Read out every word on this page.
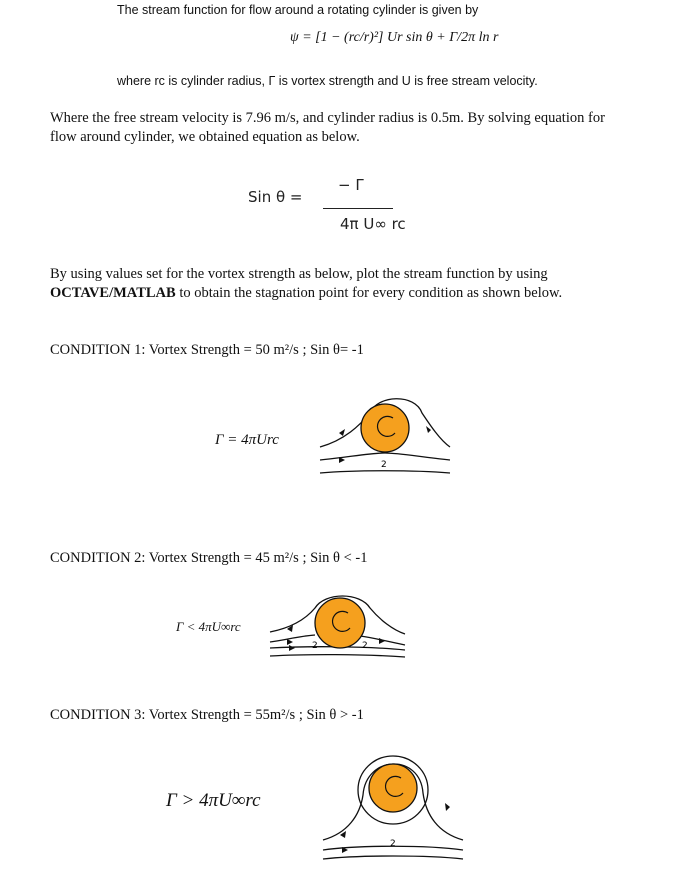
The stream function for flow around a rotating cylinder is given by
ψ = [1 − (rc/r)²] Ur sin θ + Γ/2π ln r
where rc is cylinder radius, Γ is vortex strength and U is free stream velocity.
Where the free stream velocity is 7.96 m/s, and cylinder radius is 0.5m. By solving equation for flow around cylinder, we obtained equation as below.
Sin θ =
− Γ
4π U∞ rc
By using values set for the vortex strength as below, plot the stream function by using OCTAVE/MATLAB to obtain the stagnation point for every condition as shown below.
CONDITION 1: Vortex Strength = 50 m²/s ; Sin θ= -1
Γ = 4πUrc
2
CONDITION 2: Vortex Strength = 45 m²/s ; Sin θ < -1
Γ < 4πU∞rc
2	2
CONDITION 3: Vortex Strength = 55m²/s ; Sin θ > -1
Γ > 4πU∞rc
2
